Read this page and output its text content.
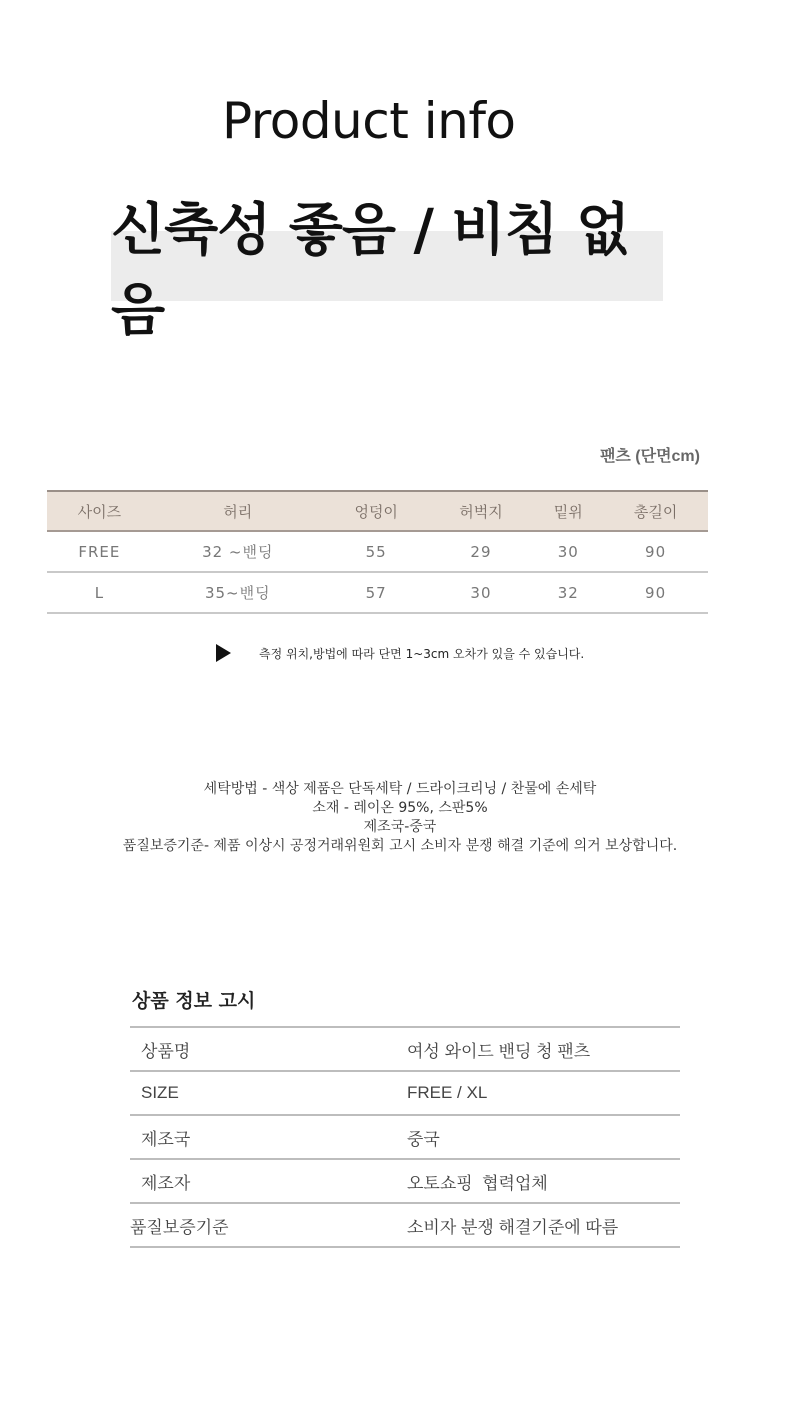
Product info
신축성 좋음 / 비침 없음
팬츠 (단면cm)
사이즈	허리	엉덩이	허벅지	밑위	총길이
FREE	32 ~밴딩	55	29	30	90
L	35~밴딩	57	30	32	90
측정 위치,방법에 따라 단면 1~3cm 오차가 있을 수 있습니다.
세탁방법 - 색상 제품은 단독세탁 / 드라이크리닝 / 찬물에 손세탁
소재 - 레이온 95%, 스판5%
제조국-중국
품질보증기준- 제품 이상시 공정거래위원회 고시 소비자 분쟁 해결 기준에 의거 보상합니다.
상품 정보 고시
상품명	여성 와이드 밴딩 청 팬츠
SIZE	FREE / XL
제조국	중국
제조자	오토쇼핑  협력업체
품질보증기준	소비자 분쟁 해결기준에 따름
